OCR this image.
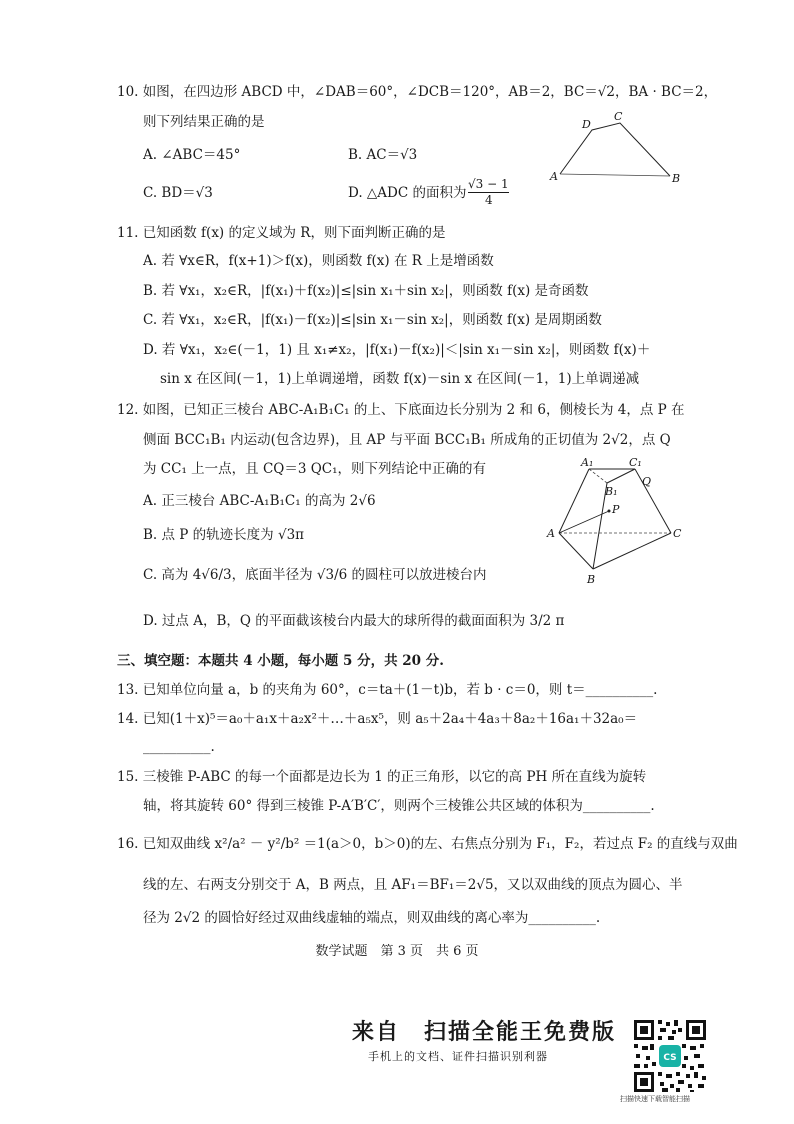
10. 如图，在四边形 ABCD 中，∠DAB＝60°，∠DCB＝120°，AB＝2，BC＝√2，BA · BC＝2，
则下列结果正确的是
A. ∠ABC＝45°	B. AC＝√3
C. BD＝√3	D. △ADC 的面积为
√3 − 1
4
D
C
A	B
11. 已知函数 f(x) 的定义域为 R，则下面判断正确的是
A. 若 ∀x∈R，f(x+1)＞f(x)，则函数 f(x) 在 R 上是增函数
B. 若 ∀x₁，x₂∈R，|f(x₁)＋f(x₂)|≤|sin x₁＋sin x₂|，则函数 f(x) 是奇函数
C. 若 ∀x₁，x₂∈R，|f(x₁)－f(x₂)|≤|sin x₁－sin x₂|，则函数 f(x) 是周期函数
D. 若 ∀x₁，x₂∈(－1，1) 且 x₁≠x₂，|f(x₁)－f(x₂)|＜|sin x₁－sin x₂|，则函数 f(x)＋
sin x 在区间(－1，1)上单调递增，函数 f(x)－sin x 在区间(－1，1)上单调递减
12. 如图，已知正三棱台 ABC-A₁B₁C₁ 的上、下底面边长分别为 2 和 6，侧棱长为 4，点 P 在
侧面 BCC₁B₁ 内运动(包含边界)，且 AP 与平面 BCC₁B₁ 所成角的正切值为 2√2，点 Q
为 CC₁ 上一点，且 CQ＝3 QC₁，则下列结论中正确的有
A. 正三棱台 ABC-A₁B₁C₁ 的高为 2√6
B. 点 P 的轨迹长度为 √3π
C. 高为 4√6/3，底面半径为 √3/6 的圆柱可以放进棱台内
D. 过点 A，B，Q 的平面截该棱台内最大的球所得的截面面积为 3/2 π
A₁	C₁
B₁
P
Q
A	C
B
三、填空题：本题共 4 小题，每小题 5 分，共 20 分.
13. 已知单位向量 a，b 的夹角为 60°，c＝ta＋(1－t)b，若 b · c＝0，则 t＝__________.
14. 已知(1＋x)⁵＝a₀＋a₁x＋a₂x²＋…＋a₅x⁵，则 a₅＋2a₄＋4a₃＋8a₂＋16a₁＋32a₀＝
__________.
15. 三棱锥 P-ABC 的每一个面都是边长为 1 的正三角形，以它的高 PH 所在直线为旋转
轴，将其旋转 60° 得到三棱锥 P-A′B′C′，则两个三棱锥公共区域的体积为__________.
16. 已知双曲线 x²/a² － y²/b² ＝1(a＞0，b＞0)的左、右焦点分别为 F₁，F₂，若过点 F₂ 的直线与双曲
线的左、右两支分别交于 A，B 两点，且 AF₁＝BF₁＝2√5，又以双曲线的顶点为圆心、半
径为 2√2 的圆恰好经过双曲线虚轴的端点，则双曲线的离心率为__________.
数学试题　第 3 页　共 6 页
来自　扫描全能王免费版
手机上的文档、证件扫描识别利器	CS
扫描快速下载智能扫描
